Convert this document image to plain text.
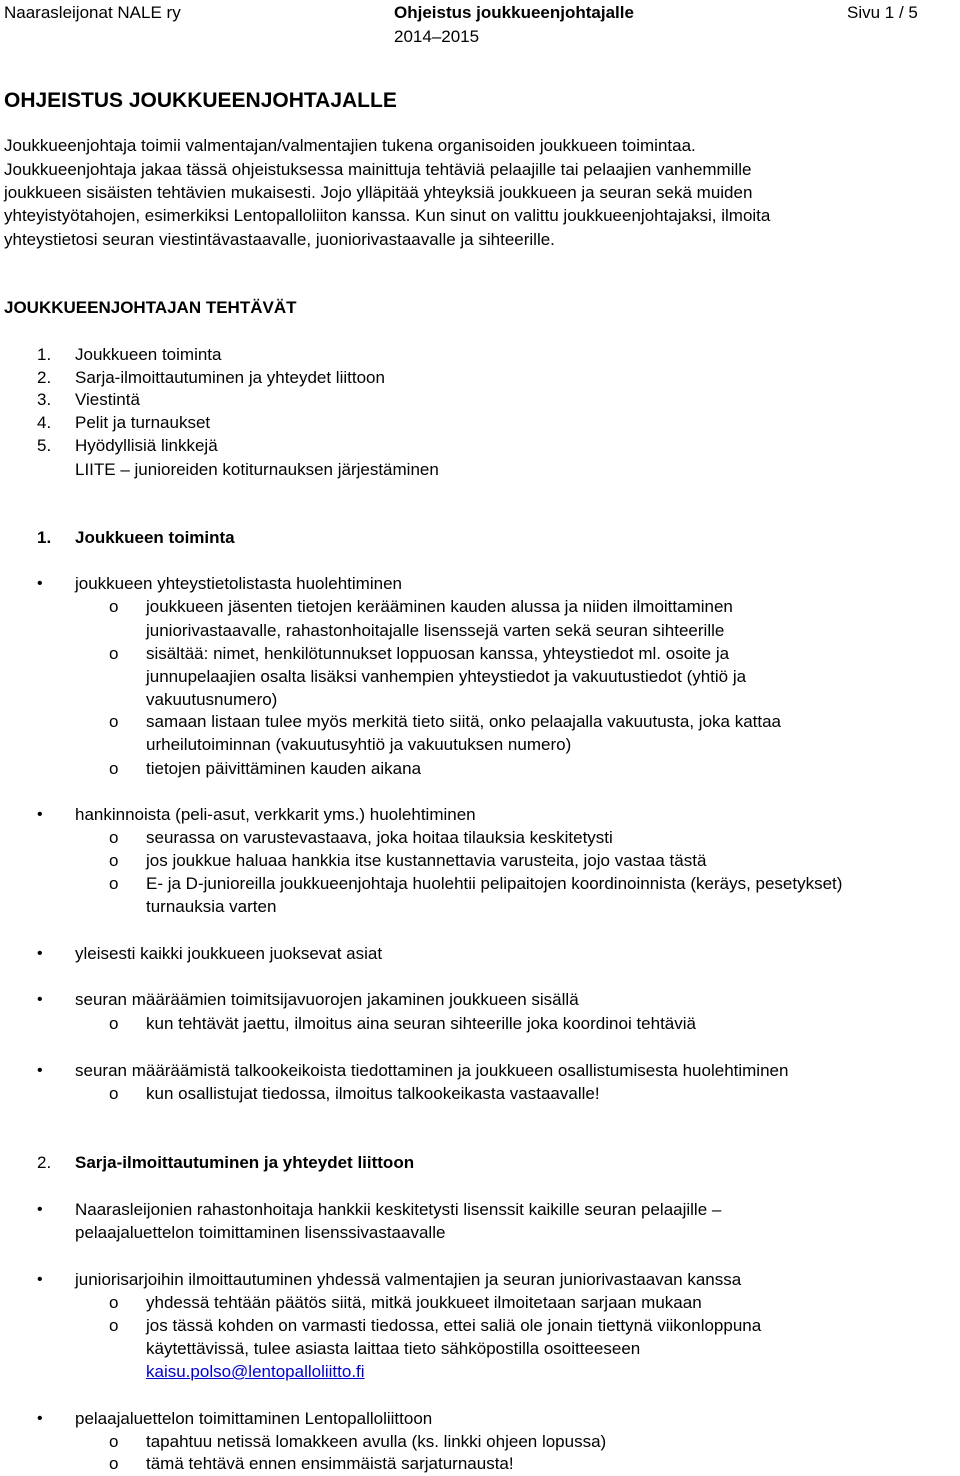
Naarasleijonat NALE ry	Ohjeistus joukkueenjohtajalle
2014–2015
Sivu 1 / 5
OHJEISTUS JOUKKUEENJOHTAJALLE
Joukkueenjohtaja toimii valmentajan/valmentajien tukena organisoiden joukkueen toimintaa.
Joukkueenjohtaja jakaa tässä ohjeistuksessa mainittuja tehtäviä pelaajille tai pelaajien vanhemmille
joukkueen sisäisten tehtävien mukaisesti. Jojo ylläpitää yhteyksiä joukkueen ja seuran sekä muiden
yhteyistyötahojen, esimerkiksi Lentopalloliiton kanssa. Kun sinut on valittu joukkueenjohtajaksi, ilmoita
yhteystietosi seuran viestintävastaavalle, juoniorivastaavalle ja sihteerille.
JOUKKUEENJOHTAJAN TEHTÄVÄT
1. Joukkueen toiminta
2. Sarja-ilmoittautuminen ja yhteydet liittoon
3. Viestintä
4. Pelit ja turnaukset
5. Hyödyllisiä linkkejä
LIITE – junioreiden kotiturnauksen järjestäminen
1. Joukkueen toiminta
• joukkueen yhteystietolistasta huolehtiminen
o joukkueen jäsenten tietojen kerääminen kauden alussa ja niiden ilmoittaminen
juniorivastaavalle, rahastonhoitajalle lisenssejä varten sekä seuran sihteerille
o sisältää: nimet, henkilötunnukset loppuosan kanssa, yhteystiedot ml. osoite ja
junnupelaajien osalta lisäksi vanhempien yhteystiedot ja vakuutustiedot (yhtiö ja
vakuutusnumero)
o samaan listaan tulee myös merkitä tieto siitä, onko pelaajalla vakuutusta, joka kattaa
urheilutoiminnan (vakuutusyhtiö ja vakuutuksen numero)
o tietojen päivittäminen kauden aikana
• hankinnoista (peli-asut, verkkarit yms.) huolehtiminen
o seurassa on varustevastaava, joka hoitaa tilauksia keskitetysti
o jos joukkue haluaa hankkia itse kustannettavia varusteita, jojo vastaa tästä
o E- ja D-junioreilla joukkueenjohtaja huolehtii pelipaitojen koordinoinnista (keräys, pesetykset)
turnauksia varten
• yleisesti kaikki joukkueen juoksevat asiat
• seuran määräämien toimitsijavuorojen jakaminen joukkueen sisällä
o kun tehtävät jaettu, ilmoitus aina seuran sihteerille joka koordinoi tehtäviä
• seuran määräämistä talkookeikoista tiedottaminen ja joukkueen osallistumisesta huolehtiminen
o kun osallistujat tiedossa, ilmoitus talkookeikasta vastaavalle!
2. Sarja-ilmoittautuminen ja yhteydet liittoon
• Naarasleijonien rahastonhoitaja hankkii keskitetysti lisenssit kaikille seuran pelaajille –
pelaajaluettelon toimittaminen lisenssivastaavalle
• juniorisarjoihin ilmoittautuminen yhdessä valmentajien ja seuran juniorivastaavan kanssa
o yhdessä tehtään päätös siitä, mitkä joukkueet ilmoitetaan sarjaan mukaan
o jos tässä kohden on varmasti tiedossa, ettei saliä ole jonain tiettynä viikonloppuna
käytettävissä, tulee asiasta laittaa tieto sähköpostilla osoitteeseen
kaisu.polso@lentopalloliitto.fi
• pelaajaluettelon toimittaminen Lentopalloliittoon
o tapahtuu netissä lomakkeen avulla (ks. linkki ohjeen lopussa)
o tämä tehtävä ennen ensimmäistä sarjaturnausta!
